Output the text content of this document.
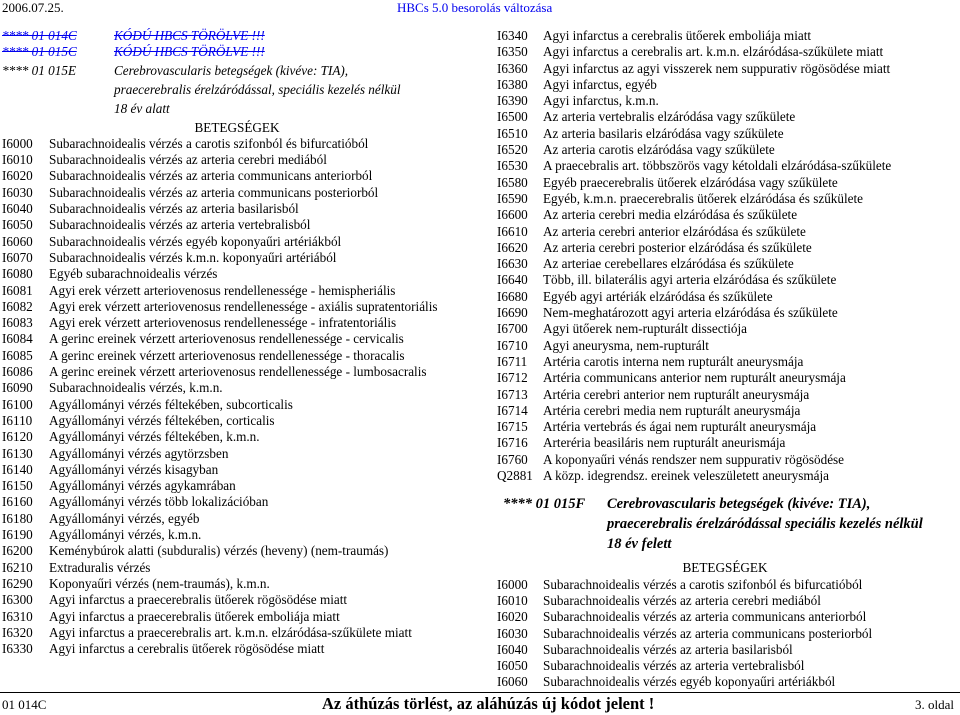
2006.07.25.	HBCs 5.0 besorolás változása
**** 01 014C	KÓDÚ HBCS TÖRÖLVE !!!
**** 01 015C	KÓDÚ HBCS TÖRÖLVE !!!
**** 01 015E	Cerebrovascularis betegségek (kivéve: TIA),
praecerebralis érelzáródással, speciális kezelés nélkül
18 év alatt
BETEGSÉGEK
I6000	Subarachnoidealis vérzés a carotis szifonból és bifurcatióból
I6010	Subarachnoidealis vérzés az arteria cerebri mediából
I6020	Subarachnoidealis vérzés az arteria communicans anteriorból
I6030	Subarachnoidealis vérzés az arteria communicans posteriorból
I6040	Subarachnoidealis vérzés az arteria basilarisból
I6050	Subarachnoidealis vérzés az arteria vertebralisból
I6060	Subarachnoidealis vérzés egyéb koponyaűri artériákból
I6070	Subarachnoidealis vérzés k.m.n. koponyaűri artériából
I6080	Egyéb subarachnoidealis vérzés
I6081	Agyi erek vérzett arteriovenosus rendellenessége - hemispheriális
I6082	Agyi erek vérzett arteriovenosus rendellenessége - axiális supratentoriális
I6083	Agyi erek vérzett arteriovenosus rendellenessége - infratentoriális
I6084	A gerinc ereinek vérzett arteriovenosus rendellenessége - cervicalis
I6085	A gerinc ereinek vérzett arteriovenosus rendellenessége - thoracalis
I6086	A gerinc ereinek vérzett arteriovenosus rendellenessége - lumbosacralis
I6090	Subarachnoidealis vérzés, k.m.n.
I6100	Agyállományi vérzés féltekében, subcorticalis
I6110	Agyállományi vérzés féltekében, corticalis
I6120	Agyállományi vérzés féltekében, k.m.n.
I6130	Agyállományi vérzés agytörzsben
I6140	Agyállományi vérzés kisagyban
I6150	Agyállományi vérzés agykamrában
I6160	Agyállományi vérzés több lokalizációban
I6180	Agyállományi vérzés, egyéb
I6190	Agyállományi vérzés, k.m.n.
I6200	Keménybúrok alatti (subduralis) vérzés (heveny) (nem-traumás)
I6210	Extraduralis vérzés
I6290	Koponyaűri vérzés (nem-traumás), k.m.n.
I6300	Agyi infarctus a praecerebralis ütőerek rögösödése miatt
I6310	Agyi infarctus a praecerebralis ütőerek emboliája miatt
I6320	Agyi infarctus a praecerebralis art. k.m.n. elzáródása-szűkülete miatt
I6330	Agyi infarctus a cerebralis ütőerek rögösödése miatt
I6340	Agyi infarctus a cerebralis ütőerek emboliája miatt
I6350	Agyi infarctus a cerebralis art. k.m.n. elzáródása-szűkülete miatt
I6360	Agyi infarctus az agyi visszerek nem suppurativ rögösödése miatt
I6380	Agyi infarctus, egyéb
I6390	Agyi infarctus, k.m.n.
I6500	Az arteria vertebralis elzáródása vagy szűkülete
I6510	Az arteria basilaris elzáródása vagy szűkülete
I6520	Az arteria carotis elzáródása vagy szűkülete
I6530	A praecebralis art. többszörös vagy kétoldali elzáródása-szűkülete
I6580	Egyéb praecerebralis ütőerek elzáródása vagy szűkülete
I6590	Egyéb, k.m.n. praecerebralis ütőerek elzáródása és szűkülete
I6600	Az arteria cerebri media elzáródása és szűkülete
I6610	Az arteria cerebri anterior elzáródása és szűkülete
I6620	Az arteria cerebri posterior elzáródása és szűkülete
I6630	Az arteriae cerebellares elzáródása és szűkülete
I6640	Több, ill. bilaterális agyi arteria elzáródása és szűkülete
I6680	Egyéb agyi artériák elzáródása és szűkülete
I6690	Nem-meghatározott agyi arteria elzáródása és szűkülete
I6700	Agyi ütőerek nem-rupturált dissectiója
I6710	Agyi aneurysma, nem-rupturált
I6711	Artéria carotis interna nem rupturált aneurysmája
I6712	Artéria communicans anterior nem rupturált aneurysmája
I6713	Artéria cerebri anterior nem rupturált aneurysmája
I6714	Artéria cerebri media nem rupturált aneurysmája
I6715	Artéria vertebrás és ágai nem rupturált aneurysmája
I6716	Arteréria beasiláris nem rupturált aneurismája
I6760	A koponyaűri vénás rendszer nem suppurativ rögösödése
Q2881 A közp. idegrendsz. ereinek veleszületett aneurysmája
**** 01 015F Cerebrovascularis betegségek (kivéve: TIA),
praecerebralis érelzáródással speciális kezelés nélkül
18 év felett
BETEGSÉGEK
I6000	Subarachnoidealis vérzés a carotis szifonból és bifurcatióból
I6010	Subarachnoidealis vérzés az arteria cerebri mediából
I6020	Subarachnoidealis vérzés az arteria communicans anteriorból
I6030	Subarachnoidealis vérzés az arteria communicans posteriorból
I6040	Subarachnoidealis vérzés az arteria basilarisból
I6050	Subarachnoidealis vérzés az arteria vertebralisból
I6060	Subarachnoidealis vérzés egyéb koponyaűri artériákból
01 014C	Az áthúzás törlést, az aláhúzás új kódot jelent !	3. oldal
